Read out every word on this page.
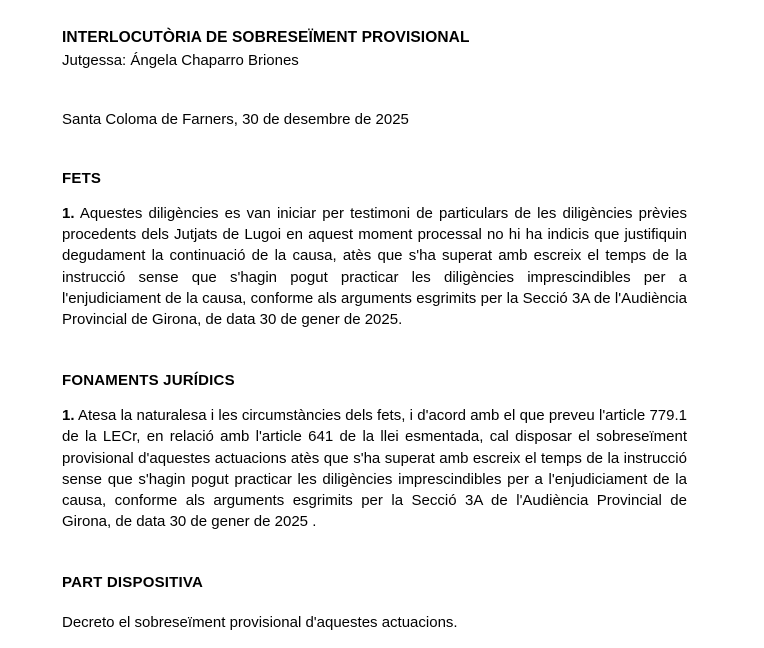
INTERLOCUTÒRIA DE SOBRESEÏMENT PROVISIONAL

Jutgessa: Ángela Chaparro Briones

Santa Coloma de Farners, 30 de desembre de 2025

FETS

1. Aquestes diligències es van iniciar per testimoni de particulars de les diligències prèvies procedents dels Jutjats de Lugoi en aquest moment processal no hi ha indicis que justifiquin degudament la continuació de la causa, atès que s'ha superat amb escreix el temps de la instrucció sense que s'hagin pogut practicar les diligències imprescindibles per a l'enjudiciament de la causa, conforme als arguments esgrimits per la Secció 3A de l'Audiència Provincial de Girona, de data 30 de gener de 2025.

FONAMENTS JURÍDICS

1. Atesa la naturalesa i les circumstàncies dels fets, i d'acord amb el que preveu l'article 779.1 de la LECr, en relació amb l'article 641 de la llei esmentada, cal disposar el sobreseïment provisional d'aquestes actuacions atès que s'ha superat amb escreix el temps de la instrucció sense que s'hagin pogut practicar les diligències imprescindibles per a l'enjudiciament de la causa, conforme als arguments esgrimits per la Secció 3A de l'Audiència Provincial de Girona, de data 30 de gener de 2025 .

PART DISPOSITIVA

Decreto el sobreseïment provisional d'aquestes actuacions.
